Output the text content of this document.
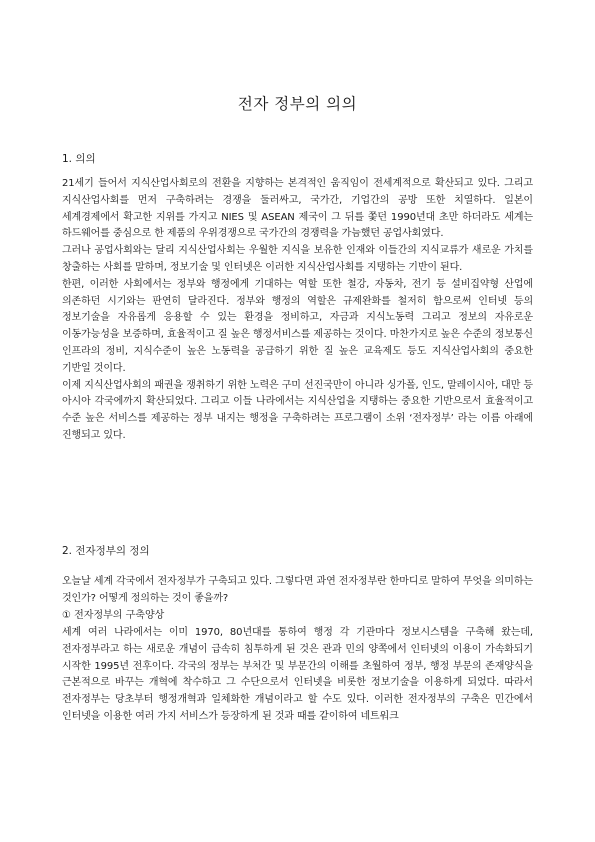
전자 정부의 의의
1. 의의

21세기 들어서 지식산업사회로의 전환을 지향하는 본격적인 움직임이 전세계적으로 확산되고 있다. 그리고 지식산업사회를 먼저 구축하려는 경쟁을 둘러싸고, 국가간, 기업간의 공방 또한 치열하다. 일본이 세계경제에서 확고한 지위를 가지고 NIES 및 ASEAN 제국이 그 뒤를 쫓던 1990년대 초만 하더라도 세계는 하드웨어를 중심으로 한 제품의 우위경쟁으로 국가간의 경쟁력을 가늠했던 공업사회였다.

그러나 공업사회와는 달리 지식산업사회는 우월한 지식을 보유한 인재와 이들간의 지식교류가 새로운 가치를 창출하는 사회를 말하며, 정보기술 및 인터넷은 이러한 지식산업사회를 지탱하는 기반이 된다.

한편, 이러한 사회에서는 정부와 행정에게 기대하는 역할 또한 철강, 자동차, 전기 등 설비집약형 산업에 의존하던 시기와는 판연히 달라진다. 정부와 행정의 역할은 규제완화를 철저히 함으로써 인터넷 등의 정보기술을 자유롭게 응용할 수 있는 환경을 정비하고, 자금과 지식노동력 그리고 정보의 자유로운 이동가능성을 보증하며, 효율적이고 질 높은 행정서비스를 제공하는 것이다. 마찬가지로 높은 수준의 정보통신 인프라의 정비, 지식수준이 높은 노동력을 공급하기 위한 질 높은 교육제도 등도 지식산업사회의 중요한 기반일 것이다.

이제 지식산업사회의 패권을 쟁취하기 위한 노력은 구미 선진국만이 아니라 싱가폴, 인도, 말레이시아, 대만 등 아시아 각국에까지 확산되었다. 그리고 이들 나라에서는 지식산업을 지탱하는 중요한 기반으로서 효율적이고 수준 높은 서비스를 제공하는 정부 내지는 행정을 구축하려는 프로그램이 소위 ‘전자정부’ 라는 이름 아래에 진행되고 있다.

2. 전자정부의 정의
오늘날 세계 각국에서 전자정부가 구축되고 있다. 그렇다면 과연 전자정부란 한마디로 말하여 무엇을 의미하는 것인가? 어떻게 정의하는 것이 좋을까?
① 전자정부의 구축양상
세계 여러 나라에서는 이미 1970, 80년대를 통하여 행정 각 기관마다 정보시스템을 구축해 왔는데, 전자정부라고 하는 새로운 개념이 급속히 침투하게 된 것은 관과 민의 양쪽에서 인터넷의 이용이 가속화되기 시작한 1995년 전후이다. 각국의 정부는 부처간 및 부문간의 이해를 초월하여 정부, 행정 부문의 존재양식을 근본적으로 바꾸는 개혁에 착수하고 그 수단으로서 인터넷을 비롯한 정보기술을 이용하게 되었다. 따라서 전자정부는 당초부터 행정개혁과 일체화한 개념이라고 할 수도 있다. 이러한 전자정부의 구축은 민간에서 인터넷을 이용한 여러 가지 서비스가 등장하게 된 것과 때를 같이하여 네트워크
